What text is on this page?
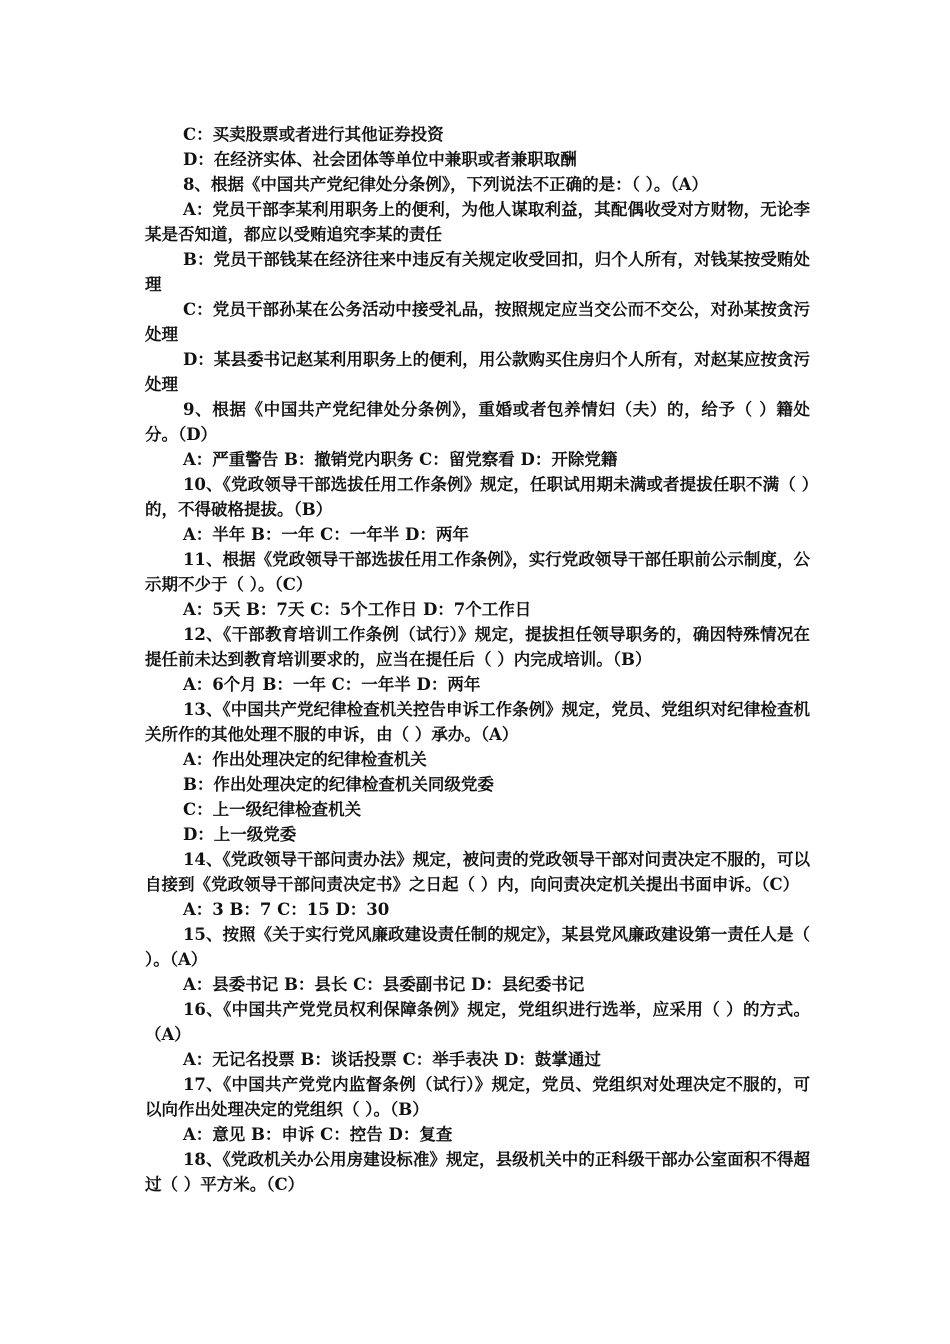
C：买卖股票或者进行其他证券投资

D：在经济实体、社会团体等单位中兼职或者兼职取酬

8、根据《中国共产党纪律处分条例》，下列说法不正确的是：（ ）。（A）

A：党员干部李某利用职务上的便利，为他人谋取利益，其配偶收受对方财物，无论李某是否知道，都应以受贿追究李某的责任

B：党员干部钱某在经济往来中违反有关规定收受回扣，归个人所有，对钱某按受贿处理

C：党员干部孙某在公务活动中接受礼品，按照规定应当交公而不交公，对孙某按贪污处理

D：某县委书记赵某利用职务上的便利，用公款购买住房归个人所有，对赵某应按贪污处理

9、根据《中国共产党纪律处分条例》，重婚或者包养情妇（夫）的，给予（ ）籍处分。（D）

A：严重警告 B：撤销党内职务 C：留党察看 D：开除党籍

10、《党政领导干部选拔任用工作条例》规定，任职试用期未满或者提拔任职不满（ ）的，不得破格提拔。（B）

A：半年 B：一年 C：一年半 D：两年

11、根据《党政领导干部选拔任用工作条例》，实行党政领导干部任职前公示制度，公示期不少于（ ）。（C）

A：5天 B：7天 C：5个工作日 D：7个工作日

12、《干部教育培训工作条例（试行）》规定，提拔担任领导职务的，确因特殊情况在提任前未达到教育培训要求的，应当在提任后（ ）内完成培训。（B）

A：6个月 B：一年 C：一年半 D：两年

13、《中国共产党纪律检查机关控告申诉工作条例》规定，党员、党组织对纪律检查机关所作的其他处理不服的申诉，由（ ）承办。（A）

A：作出处理决定的纪律检查机关

B：作出处理决定的纪律检查机关同级党委

C：上一级纪律检查机关

D：上一级党委

14、《党政领导干部问责办法》规定，被问责的党政领导干部对问责决定不服的，可以自接到《党政领导干部问责决定书》之日起（ ）内，向问责决定机关提出书面申诉。（C）

A：3 B：7 C：15 D：30

15、按照《关于实行党风廉政建设责任制的规定》，某县党风廉政建设第一责任人是（ ）。（A）

A：县委书记 B：县长 C：县委副书记 D：县纪委书记

16、《中国共产党党员权利保障条例》规定，党组织进行选举，应采用（ ）的方式。（A）

A：无记名投票 B：谈话投票 C：举手表决 D：鼓掌通过

17、《中国共产党党内监督条例（试行）》规定，党员、党组织对处理决定不服的，可以向作出处理决定的党组织（ ）。（B）

A：意见 B：申诉 C：控告 D：复查

18、《党政机关办公用房建设标准》规定，县级机关中的正科级干部办公室面积不得超过（ ）平方米。（C）
